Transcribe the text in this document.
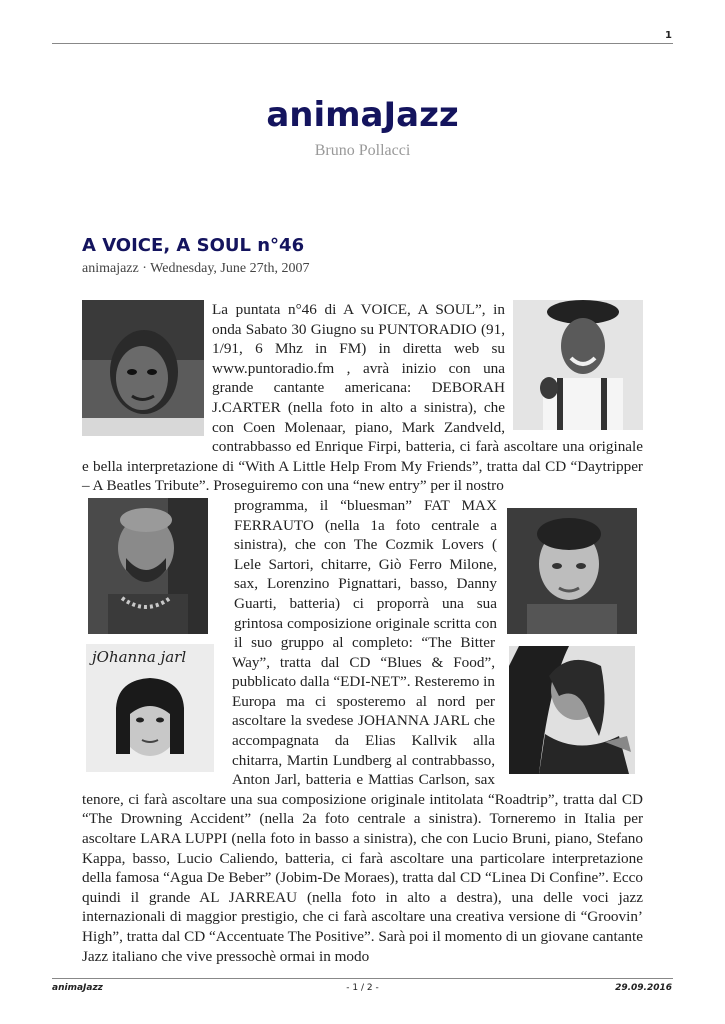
1
animaJazz
Bruno Pollacci
A VOICE, A SOUL n°46
animajazz · Wednesday, June 27th, 2007
La puntata n°46 di A VOICE, A SOUL”, in onda Sabato 30 Giugno su PUNTORADIO (91, 1/91, 6 Mhz in FM) in diretta web su www.puntoradio.fm , avrà inizio con una grande cantante americana: DEBORAH J.CARTER (nella foto in alto a sinistra), che con Coen Molenaar, piano, Mark Zandveld, contrabbasso ed Enrique Firpi, batteria, ci farà ascoltare una originale e bella interpretazione di “With A Little Help From My Friends”, tratta dal CD “Daytripper – A Beatles Tribute”. Proseguiremo con una “new entry” per il nostro
jOhanna jarl
programma, il “bluesman” FAT MAX FERRAUTO (nella 1a foto centrale a sinistra), che con The Cozmik Lovers ( Lele Sartori, chitarre, Giò Ferro Milone, sax, Lorenzino Pignattari, basso, Danny Guarti, batteria) ci proporrà una sua grintosa composizione originale scritta con il suo gruppo al completo: “The Bitter Way”, tratta dal CD “Blues & Food”, pubblicato dalla “EDI-NET”. Resteremo in Europa ma ci sposteremo al nord per ascoltare la svedese JOHANNA JARL che accompagnata da Elias Kallvik alla chitarra, Martin Lundberg al contrabbasso, Anton Jarl, batteria e Mattias Carlson, sax tenore, ci farà ascoltare una sua composizione originale intitolata “Roadtrip”, tratta dal CD “The Drowning Accident” (nella 2a foto centrale a sinistra). Torneremo in Italia per ascoltare LARA LUPPI (nella foto in basso a sinistra), che con Lucio Bruni, piano, Stefano Kappa, basso, Lucio Caliendo, batteria, ci farà ascoltare una particolare interpretazione della famosa “Agua De Beber” (Jobim-De Moraes), tratta dal CD “Linea Di Confine”. Ecco quindi il grande AL JARREAU (nella foto in alto a destra), una delle voci jazz internazionali di maggior prestigio, che ci farà ascoltare una creativa versione di “Groovin’ High”, tratta dal CD “Accentuate The Positive”. Sarà poi il momento di un giovane cantante Jazz italiano che vive pressochè ormai in modo
animaJazz	- 1 / 2 -	29.09.2016
